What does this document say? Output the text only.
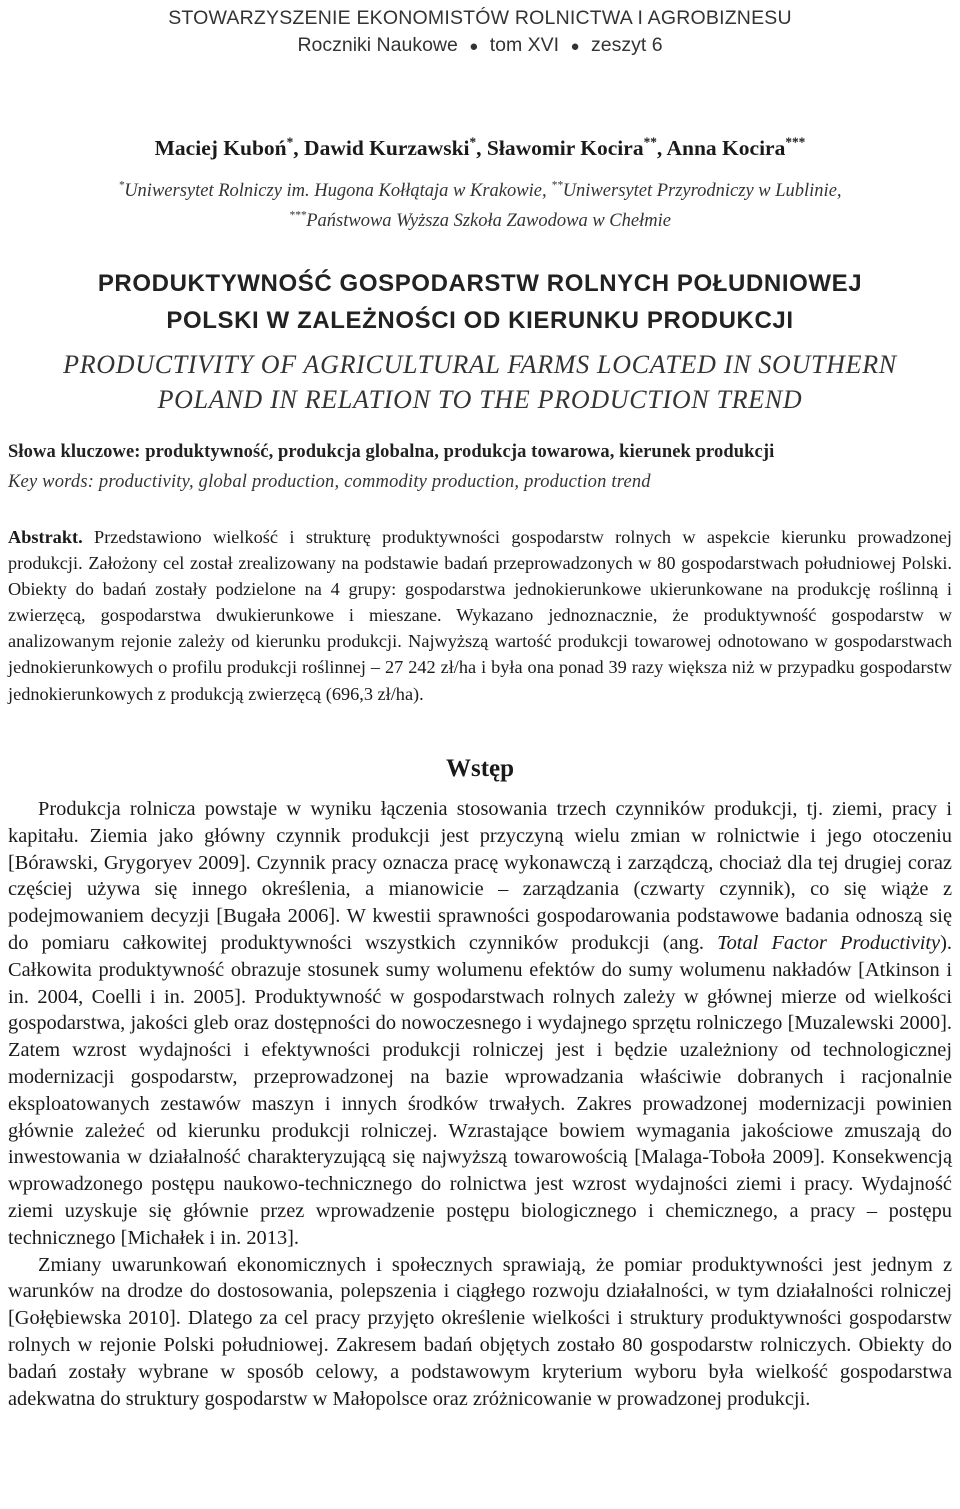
STOWARZYSZENIE EKONOMISTÓW ROLNICTWA I AGROBIZNESU
Roczniki Naukowe ● tom XVI ● zeszyt 6
Maciej Kuboń*, Dawid Kurzawski*, Sławomir Kocira**, Anna Kocira***
*Uniwersytet Rolniczy im. Hugona Kołłątaja w Krakowie, **Uniwersytet Przyrodniczy w Lublinie,
***Państwowa Wyższa Szkoła Zawodowa w Chełmie
PRODUKTYWNOŚĆ GOSPODARSTW ROLNYCH POŁUDNIOWEJ
POLSKI W ZALEŻNOŚCI OD KIERUNKU PRODUKCJI
PRODUCTIVITY OF AGRICULTURAL FARMS LOCATED IN SOUTHERN
POLAND IN RELATION TO THE PRODUCTION TREND
Słowa kluczowe: produktywność, produkcja globalna, produkcja towarowa, kierunek produkcji
Key words: productivity, global production, commodity production, production trend
Abstrakt. Przedstawiono wielkość i strukturę produktywności gospodarstw rolnych w aspekcie kierunku prowadzonej produkcji. Założony cel został zrealizowany na podstawie badań przeprowadzonych w 80 gospodarstwach południowej Polski. Obiekty do badań zostały podzielone na 4 grupy: gospodarstwa jednokierunkowe ukierunkowane na produkcję roślinną i zwierzęcą, gospodarstwa dwukierunkowe i mieszane. Wykazano jednoznacznie, że produktywność gospodarstw w analizowanym rejonie zależy od kierunku produkcji. Najwyższą wartość produkcji towarowej odnotowano w gospodarstwach jednokierunkowych o profilu produkcji roślinnej – 27 242 zł/ha i była ona ponad 39 razy większa niż w przypadku gospodarstw jednokierunkowych z produkcją zwierzęcą (696,3 zł/ha).
Wstęp

Produkcja rolnicza powstaje w wyniku łączenia stosowania trzech czynników produkcji, tj. ziemi, pracy i kapitału. Ziemia jako główny czynnik produkcji jest przyczyną wielu zmian w rolnictwie i jego otoczeniu [Bórawski, Grygoryev 2009]. Czynnik pracy oznacza pracę wykonawczą i zarządczą, chociaż dla tej drugiej coraz częściej używa się innego określenia, a mianowicie – zarządzania (czwarty czynnik), co się wiąże z podejmowaniem decyzji [Bugała 2006]. W kwestii sprawności gospodarowania podstawowe badania odnoszą się do pomiaru całkowitej produktywności wszystkich czynników produkcji (ang. Total Factor Productivity). Całkowita produktywność obrazuje stosunek sumy wolumenu efektów do sumy wolumenu nakładów [Atkinson i in. 2004, Coelli i in. 2005]. Produktywność w gospodarstwach rolnych zależy w głównej mierze od wielkości gospodarstwa, jakości gleb oraz dostępności do nowoczesnego i wydajnego sprzętu rolniczego [Muzalewski 2000]. Zatem wzrost wydajności i efektywności produkcji rolniczej jest i będzie uzależniony od technologicznej modernizacji gospodarstw, przeprowadzonej na bazie wprowadzania właściwie dobranych i racjonalnie eksploatowanych zestawów maszyn i innych środków trwałych. Zakres prowadzonej modernizacji powinien głównie zależeć od kierunku produkcji rolniczej. Wzrastające bowiem wymagania jakościowe zmuszają do inwestowania w działalność charakteryzującą się najwyższą towarowością [Malaga-Toboła 2009]. Konsekwencją wprowadzonego postępu naukowo-technicznego do rolnictwa jest wzrost wydajności ziemi i pracy. Wydajność ziemi uzyskuje się głównie przez wprowadzenie postępu biologicznego i chemicznego, a pracy – postępu technicznego [Michałek i in. 2013].

Zmiany uwarunkowań ekonomicznych i społecznych sprawiają, że pomiar produktywności jest jednym z warunków na drodze do dostosowania, polepszenia i ciągłego rozwoju działalności, w tym działalności rolniczej [Gołębiewska 2010]. Dlatego za cel pracy przyjęto określenie wielkości i struktury produktywności gospodarstw rolnych w rejonie Polski południowej. Zakresem badań objętych zostało 80 gospodarstw rolniczych. Obiekty do badań zostały wybrane w sposób celowy, a podstawowym kryterium wyboru była wielkość gospodarstwa adekwatna do struktury gospodarstw w Małopolsce oraz zróżnicowanie w prowadzonej produkcji.
